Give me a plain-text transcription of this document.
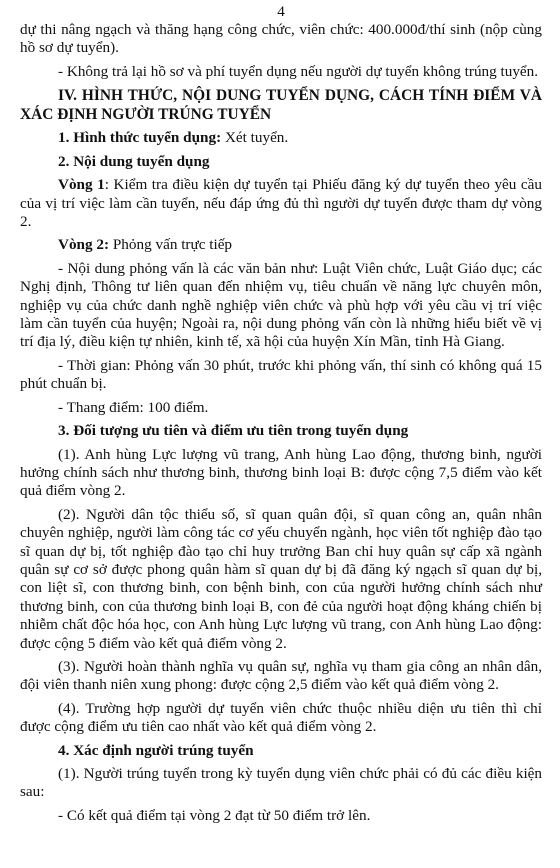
4

dự thi nâng ngạch và thăng hạng công chức, viên chức: 400.000đ/thí sinh (nộp cùng hồ sơ dự tuyển).

- Không trả lại hồ sơ và phí tuyển dụng nếu người dự tuyển không trúng tuyển.

IV. HÌNH THỨC, NỘI DUNG TUYỂN DỤNG, CÁCH TÍNH ĐIỂM VÀ XÁC ĐỊNH NGƯỜI TRÚNG TUYỂN

1. Hình thức tuyển dụng: Xét tuyển.

2. Nội dung tuyển dụng

Vòng 1: Kiểm tra điều kiện dự tuyển tại Phiếu đăng ký dự tuyển theo yêu cầu của vị trí việc làm cần tuyển, nếu đáp ứng đủ thì người dự tuyển được tham dự vòng 2.

Vòng 2: Phỏng vấn trực tiếp

- Nội dung phỏng vấn là các văn bản như: Luật Viên chức, Luật Giáo dục; các Nghị định, Thông tư liên quan đến nhiệm vụ, tiêu chuẩn về năng lực chuyên môn, nghiệp vụ của chức danh nghề nghiệp viên chức và phù hợp với yêu cầu vị trí việc làm cần tuyển của huyện; Ngoài ra, nội dung phỏng vấn còn là những hiểu biết về vị trí địa lý, điều kiện tự nhiên, kinh tế, xã hội của huyện Xín Mần, tỉnh Hà Giang.

- Thời gian: Phỏng vấn 30 phút, trước khi phỏng vấn, thí sinh có không quá 15 phút chuẩn bị.

- Thang điểm: 100 điểm.

3. Đối tượng ưu tiên và điểm ưu tiên trong tuyển dụng

(1). Anh hùng Lực lượng vũ trang, Anh hùng Lao động, thương binh, người hưởng chính sách như thương binh, thương binh loại B: được cộng 7,5 điểm vào kết quả điểm vòng 2.

(2). Người dân tộc thiểu số, sĩ quan quân đội, sĩ quan công an, quân nhân chuyên nghiệp, người làm công tác cơ yếu chuyển ngành, học viên tốt nghiệp đào tạo sĩ quan dự bị, tốt nghiệp đào tạo chỉ huy trưởng Ban chỉ huy quân sự cấp xã ngành quân sự cơ sở được phong quân hàm sĩ quan dự bị đã đăng ký ngạch sĩ quan dự bị, con liệt sĩ, con thương binh, con bệnh binh, con của người hưởng chính sách như thương binh, con của thương binh loại B, con đẻ của người hoạt động kháng chiến bị nhiễm chất độc hóa học, con Anh hùng Lực lượng vũ trang, con Anh hùng Lao động: được cộng 5 điểm vào kết quả điểm vòng 2.

(3). Người hoàn thành nghĩa vụ quân sự, nghĩa vụ tham gia công an nhân dân, đội viên thanh niên xung phong: được cộng 2,5 điểm vào kết quả điểm vòng 2.

(4). Trường hợp người dự tuyển viên chức thuộc nhiều diện ưu tiên thì chỉ được cộng điểm ưu tiên cao nhất vào kết quả điểm vòng 2.

4. Xác định người trúng tuyển

(1). Người trúng tuyển trong kỳ tuyển dụng viên chức phải có đủ các điều kiện sau:

- Có kết quả điểm tại vòng 2 đạt từ 50 điểm trở lên.
